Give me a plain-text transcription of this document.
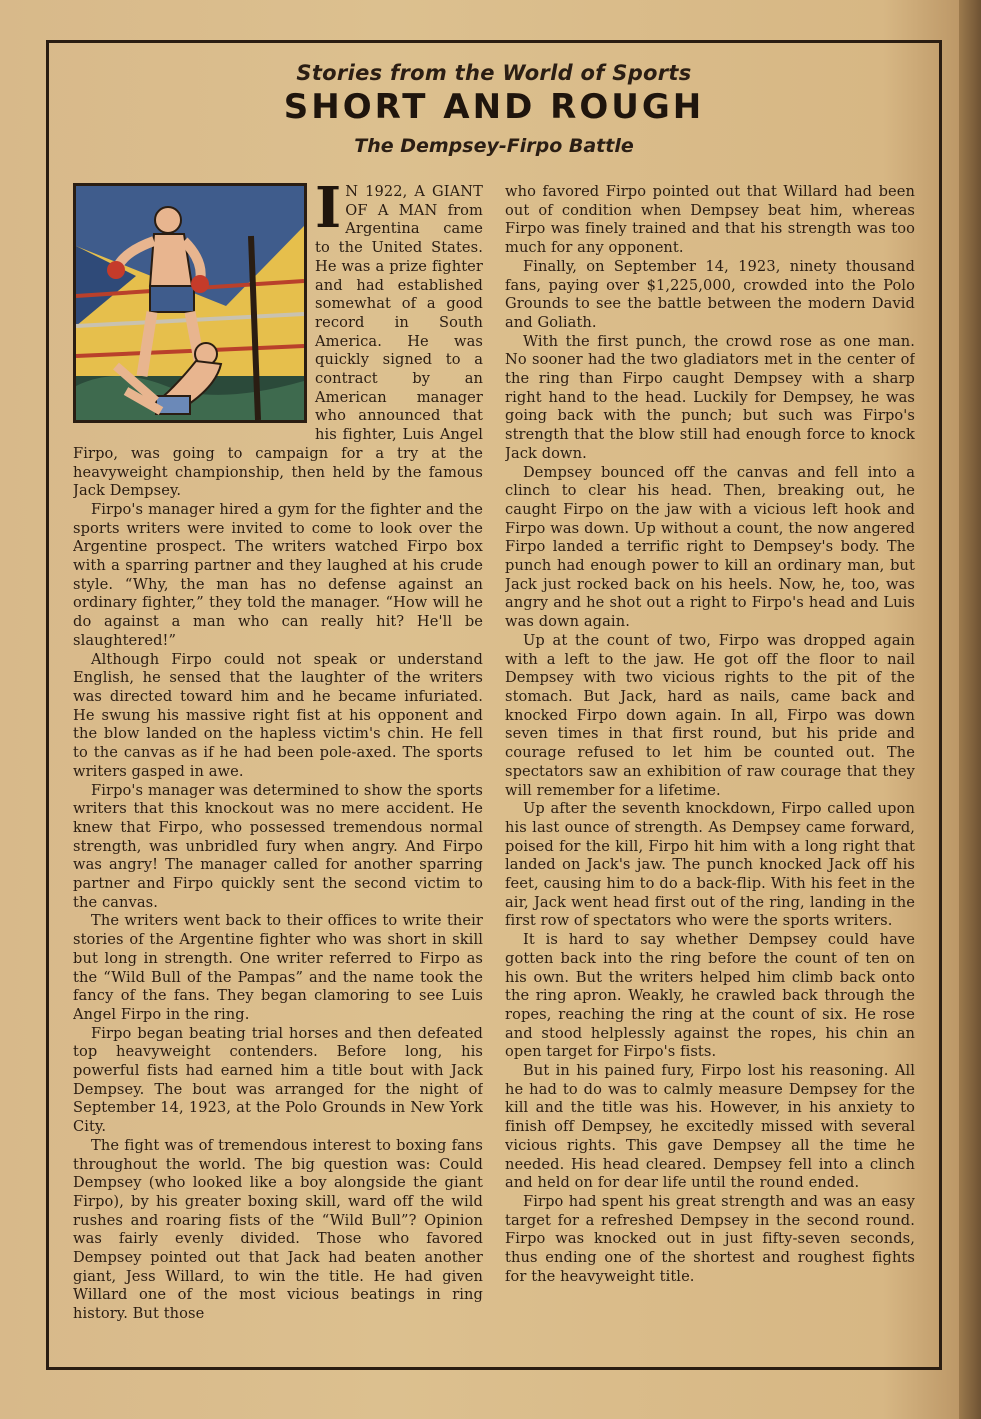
Stories from the World of Sports
SHORT AND ROUGH
The Dempsey-Firpo Battle
I N 1922, A GIANT OF A MAN from Argentina came to the United States. He was a prize fighter and had established somewhat of a good record in South America. He was quickly signed to a contract by an American manager who announced that his fighter, Luis Angel Firpo, was going to campaign for a try at the heavyweight championship, then held by the famous Jack Dempsey.

Firpo's manager hired a gym for the fighter and the sports writers were invited to come to look over the Argentine prospect. The writers watched Firpo box with a sparring partner and they laughed at his crude style. “Why, the man has no defense against an ordinary fighter,” they told the manager. “How will he do against a man who can really hit? He'll be slaughtered!”

Although Firpo could not speak or understand English, he sensed that the laughter of the writers was directed toward him and he became infuriated. He swung his massive right fist at his opponent and the blow landed on the hapless victim's chin. He fell to the canvas as if he had been pole-axed. The sports writers gasped in awe.

Firpo's manager was determined to show the sports writers that this knockout was no mere accident. He knew that Firpo, who possessed tremendous normal strength, was unbridled fury when angry. And Firpo was angry! The manager called for another sparring partner and Firpo quickly sent the second victim to the canvas.

The writers went back to their offices to write their stories of the Argentine fighter who was short in skill but long in strength. One writer referred to Firpo as the “Wild Bull of the Pampas” and the name took the fancy of the fans. They began clamoring to see Luis Angel Firpo in the ring.

Firpo began beating trial horses and then defeated top heavyweight contenders. Before long, his powerful fists had earned him a title bout with Jack Dempsey. The bout was arranged for the night of September 14, 1923, at the Polo Grounds in New York City.

The fight was of tremendous interest to boxing fans throughout the world. The big question was: Could Dempsey (who looked like a boy alongside the giant Firpo), by his greater boxing skill, ward off the wild rushes and roaring fists of the “Wild Bull”? Opinion was fairly evenly divided. Those who favored Dempsey pointed out that Jack had beaten another giant, Jess Willard, to win the title. He had given Willard one of the most vicious beatings in ring history. But those

who favored Firpo pointed out that Willard had been out of condition when Dempsey beat him, whereas Firpo was finely trained and that his strength was too much for any opponent.

Finally, on September 14, 1923, ninety thousand fans, paying over $1,225,000, crowded into the Polo Grounds to see the battle between the modern David and Goliath.

With the first punch, the crowd rose as one man. No sooner had the two gladiators met in the center of the ring than Firpo caught Dempsey with a sharp right hand to the head. Luckily for Dempsey, he was going back with the punch; but such was Firpo's strength that the blow still had enough force to knock Jack down.

Dempsey bounced off the canvas and fell into a clinch to clear his head. Then, breaking out, he caught Firpo on the jaw with a vicious left hook and Firpo was down. Up without a count, the now angered Firpo landed a terrific right to Dempsey's body. The punch had enough power to kill an ordinary man, but Jack just rocked back on his heels. Now, he, too, was angry and he shot out a right to Firpo's head and Luis was down again.

Up at the count of two, Firpo was dropped again with a left to the jaw. He got off the floor to nail Dempsey with two vicious rights to the pit of the stomach. But Jack, hard as nails, came back and knocked Firpo down again. In all, Firpo was down seven times in that first round, but his pride and courage refused to let him be counted out. The spectators saw an exhibition of raw courage that they will remember for a lifetime.

Up after the seventh knockdown, Firpo called upon his last ounce of strength. As Dempsey came forward, poised for the kill, Firpo hit him with a long right that landed on Jack's jaw. The punch knocked Jack off his feet, causing him to do a back-flip. With his feet in the air, Jack went head first out of the ring, landing in the first row of spectators who were the sports writers.

It is hard to say whether Dempsey could have gotten back into the ring before the count of ten on his own. But the writers helped him climb back onto the ring apron. Weakly, he crawled back through the ropes, reaching the ring at the count of six. He rose and stood helplessly against the ropes, his chin an open target for Firpo's fists.

But in his pained fury, Firpo lost his reasoning. All he had to do was to calmly measure Dempsey for the kill and the title was his. However, in his anxiety to finish off Dempsey, he excitedly missed with several vicious rights. This gave Dempsey all the time he needed. His head cleared. Dempsey fell into a clinch and held on for dear life until the round ended.

Firpo had spent his great strength and was an easy target for a refreshed Dempsey in the second round. Firpo was knocked out in just fifty-seven seconds, thus ending one of the shortest and roughest fights for the heavyweight title.
